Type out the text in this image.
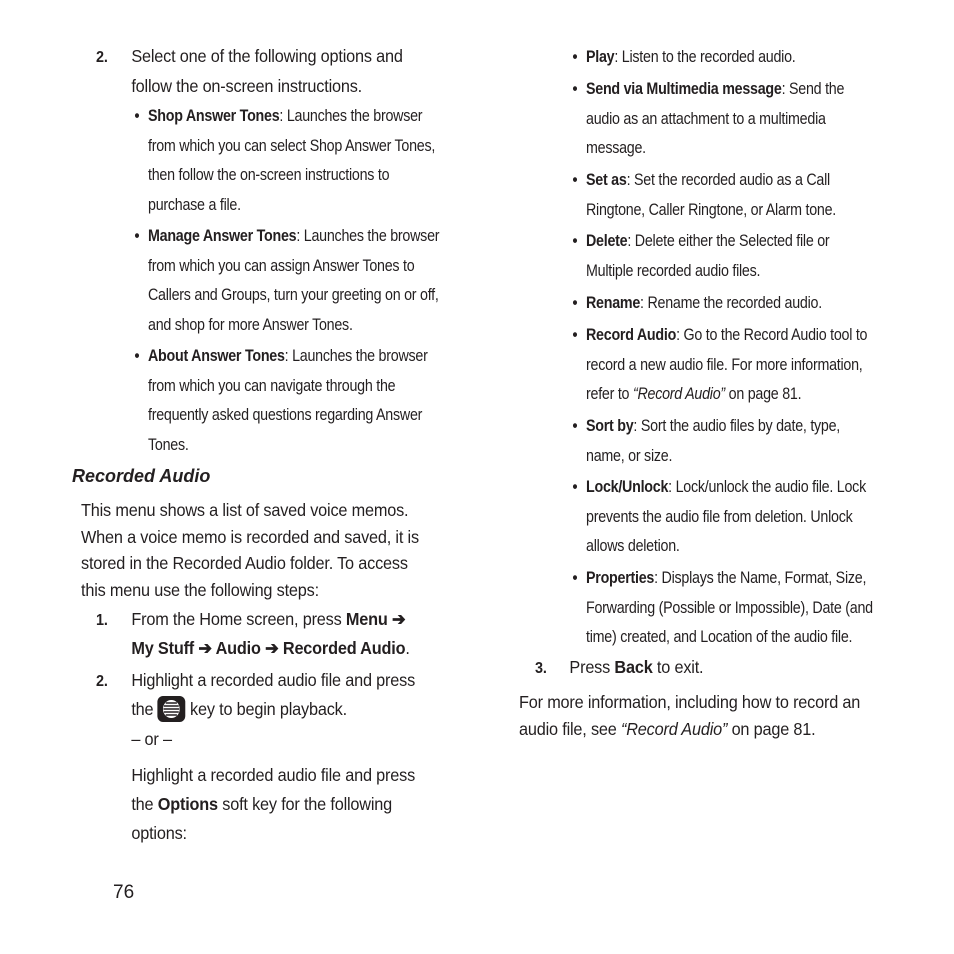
2. Select one of the following options and
follow the on-screen instructions.
• Shop Answer Tones: Launches the browser
from which you can select Shop Answer Tones,
then follow the on-screen instructions to
purchase a file.
• Manage Answer Tones: Launches the browser
from which you can assign Answer Tones to
Callers and Groups, turn your greeting on or off,
and shop for more Answer Tones.
• About Answer Tones: Launches the browser
from which you can navigate through the
frequently asked questions regarding Answer
Tones.
Recorded Audio
This menu shows a list of saved voice memos.
When a voice memo is recorded and saved, it is
stored in the Recorded Audio folder. To access
this menu use the following steps:
1. From the Home screen, press Menu ➔
My Stuff ➔ Audio ➔ Recorded Audio.
2. Highlight a recorded audio file and press
the key to begin playback.
– or –
Highlight a recorded audio file and press
the Options soft key for the following
options:
76
• Play: Listen to the recorded audio.
• Send via Multimedia message: Send the
audio as an attachment to a multimedia
message.
• Set as: Set the recorded audio as a Call
Ringtone, Caller Ringtone, or Alarm tone.
• Delete: Delete either the Selected file or
Multiple recorded audio files.
• Rename: Rename the recorded audio.
• Record Audio: Go to the Record Audio tool to
record a new audio file. For more information,
refer to “Record Audio” on page 81.
• Sort by: Sort the audio files by date, type,
name, or size.
• Lock/Unlock: Lock/unlock the audio file. Lock
prevents the audio file from deletion. Unlock
allows deletion.
• Properties: Displays the Name, Format, Size,
Forwarding (Possible or Impossible), Date (and
time) created, and Location of the audio file.
3. Press Back to exit.
For more information, including how to record an
audio file, see “Record Audio” on page 81.
